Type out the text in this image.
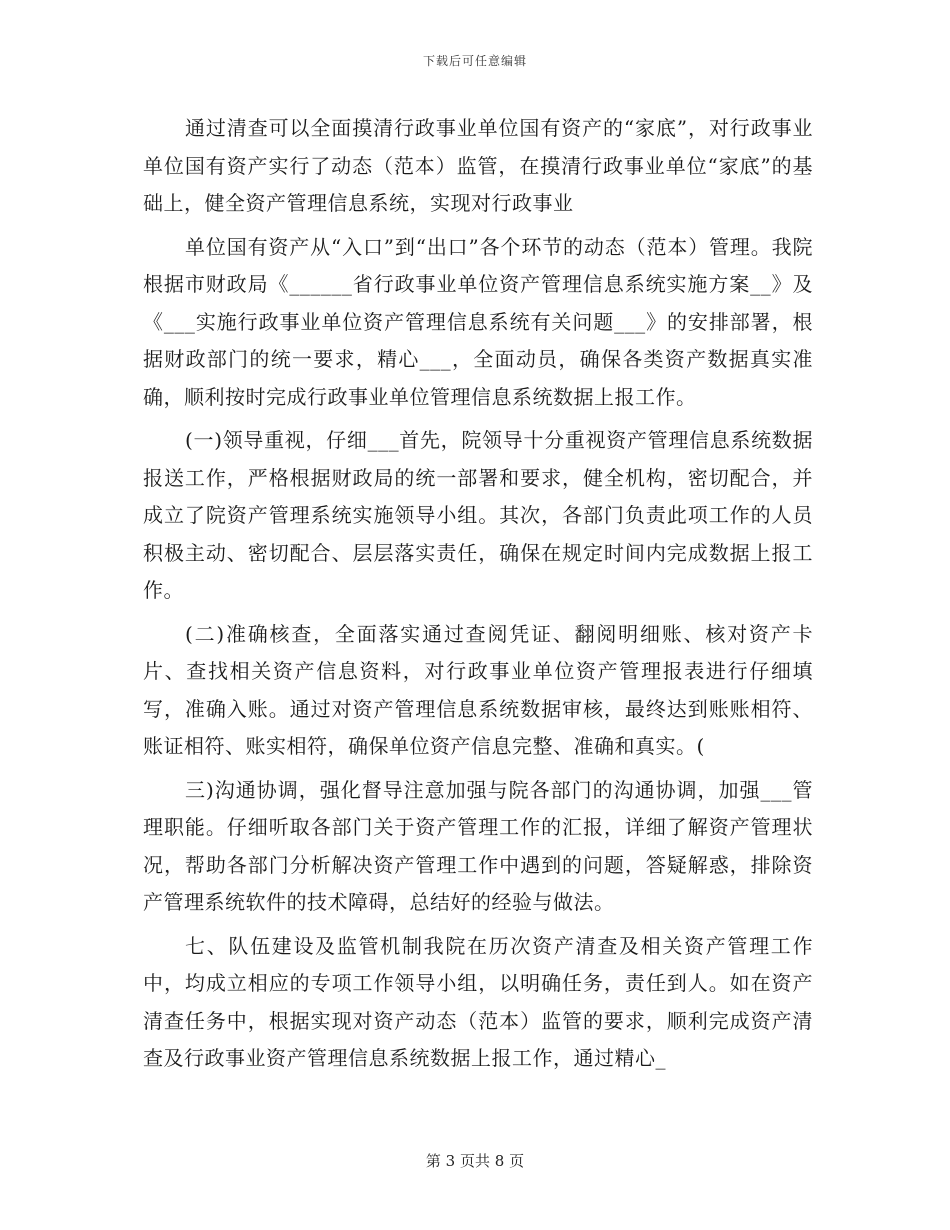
下载后可任意编辑

通过清查可以全面摸清行政事业单位国有资产的“家底”，对行政事业单位国有资产实行了动态（范本）监管，在摸清行政事业单位“家底”的基础上，健全资产管理信息系统，实现对行政事业

单位国有资产从“入口”到“出口”各个环节的动态（范本）管理。我院根据市财政局《______省行政事业单位资产管理信息系统实施方案__》及《___实施行政事业单位资产管理信息系统有关问题___》的安排部署，根据财政部门的统一要求，精心___，全面动员，确保各类资产数据真实准确，顺利按时完成行政事业单位管理信息系统数据上报工作。

(一)领导重视，仔细___首先，院领导十分重视资产管理信息系统数据报送工作，严格根据财政局的统一部署和要求，健全机构，密切配合，并成立了院资产管理系统实施领导小组。其次，各部门负责此项工作的人员积极主动、密切配合、层层落实责任，确保在规定时间内完成数据上报工作。

(二)准确核查，全面落实通过查阅凭证、翻阅明细账、核对资产卡片、查找相关资产信息资料，对行政事业单位资产管理报表进行仔细填写，准确入账。通过对资产管理信息系统数据审核，最终达到账账相符、账证相符、账实相符，确保单位资产信息完整、准确和真实。(

三)沟通协调，强化督导注意加强与院各部门的沟通协调，加强___管理职能。仔细听取各部门关于资产管理工作的汇报，详细了解资产管理状况，帮助各部门分析解决资产管理工作中遇到的问题，答疑解惑，排除资产管理系统软件的技术障碍，总结好的经验与做法。

七、队伍建设及监管机制我院在历次资产清查及相关资产管理工作中，均成立相应的专项工作领导小组，以明确任务，责任到人。如在资产清查任务中，根据实现对资产动态（范本）监管的要求，顺利完成资产清查及行政事业资产管理信息系统数据上报工作，通过精心_

第 3 页共 8 页
